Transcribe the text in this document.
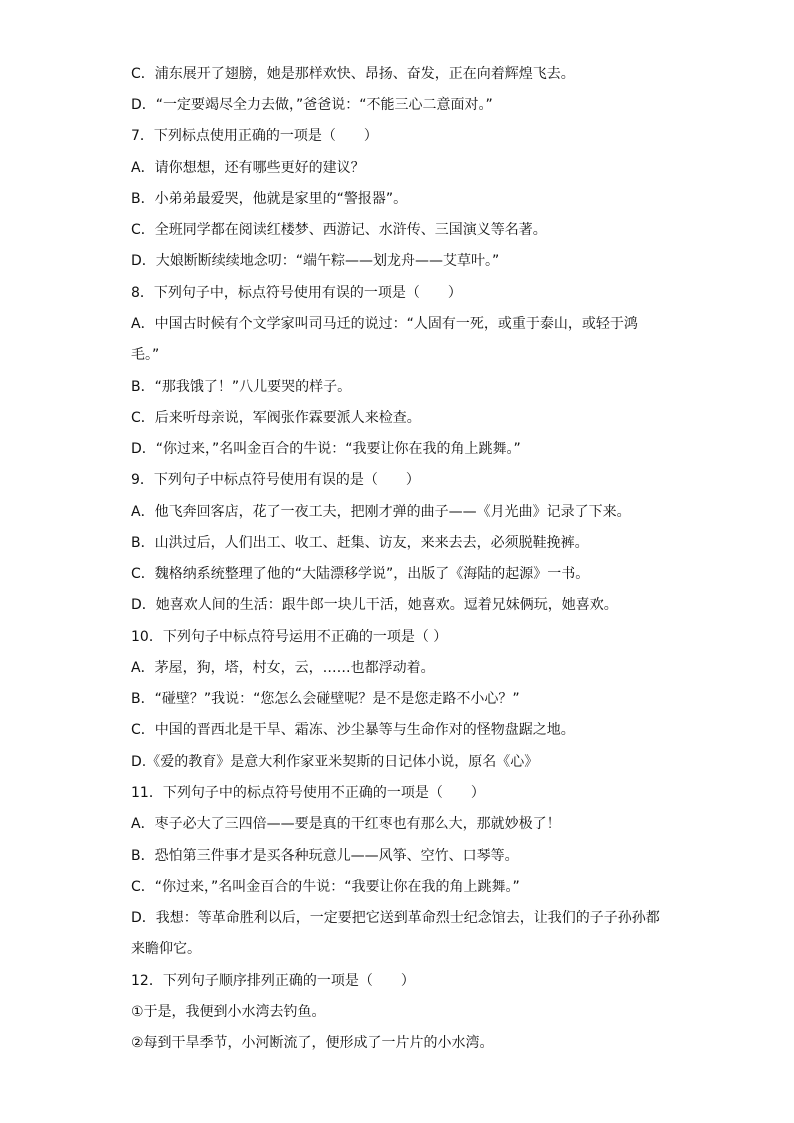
C．浦东展开了翅膀，她是那样欢快、昂扬、奋发，正在向着辉煌飞去。
D．“一定要竭尽全力去做，”爸爸说：“不能三心二意面对。”
7．下列标点使用正确的一项是（　　）
A．请你想想，还有哪些更好的建议？
B．小弟弟最爱哭，他就是家里的“警报器”。
C．全班同学都在阅读红楼梦、西游记、水浒传、三国演义等名著。
D．大娘断断续续地念叨：“端午粽——划龙舟——艾草叶。”
8．下列句子中，标点符号使用有误的一项是（　　）
A．中国古时候有个文学家叫司马迁的说过：“人固有一死，或重于泰山，或轻于鸿
毛。”
B．“那我饿了！”八儿要哭的样子。
C．后来听母亲说，军阀张作霖要派人来检查。
D．“你过来，”名叫金百合的牛说：“我要让你在我的角上跳舞。”
9．下列句子中标点符号使用有误的是（　　）
A．他飞奔回客店，花了一夜工夫，把刚才弹的曲子——《月光曲》记录了下来。
B．山洪过后，人们出工、收工、赶集、访友，来来去去，必须脱鞋挽裤。
C．魏格纳系统整理了他的“大陆漂移学说”，出版了《海陆的起源》一书。
D．她喜欢人间的生活：跟牛郎一块儿干活，她喜欢。逗着兄妹俩玩，她喜欢。
10．下列句子中标点符号运用不正确的一项是（ ）
A．茅屋，狗，塔，村女，云，……也都浮动着。
B．“碰壁？”我说：“您怎么会碰壁呢？是不是您走路不小心？”
C．中国的晋西北是干旱、霜冻、沙尘暴等与生命作对的怪物盘踞之地。
D.《爱的教育》是意大利作家亚米契斯的日记体小说，原名《心》
11．下列句子中的标点符号使用不正确的一项是（　　）
A．枣子必大了三四倍——要是真的干红枣也有那么大，那就妙极了！
B．恐怕第三件事才是买各种玩意儿——风筝、空竹、口琴等。
C．“你过来，”名叫金百合的牛说：“我要让你在我的角上跳舞。”
D．我想：等革命胜利以后，一定要把它送到革命烈士纪念馆去，让我们的子子孙孙都
来瞻仰它。
12．下列句子顺序排列正确的一项是（　　）
①于是，我便到小水湾去钓鱼。
②每到干旱季节，小河断流了，便形成了一片片的小水湾。
